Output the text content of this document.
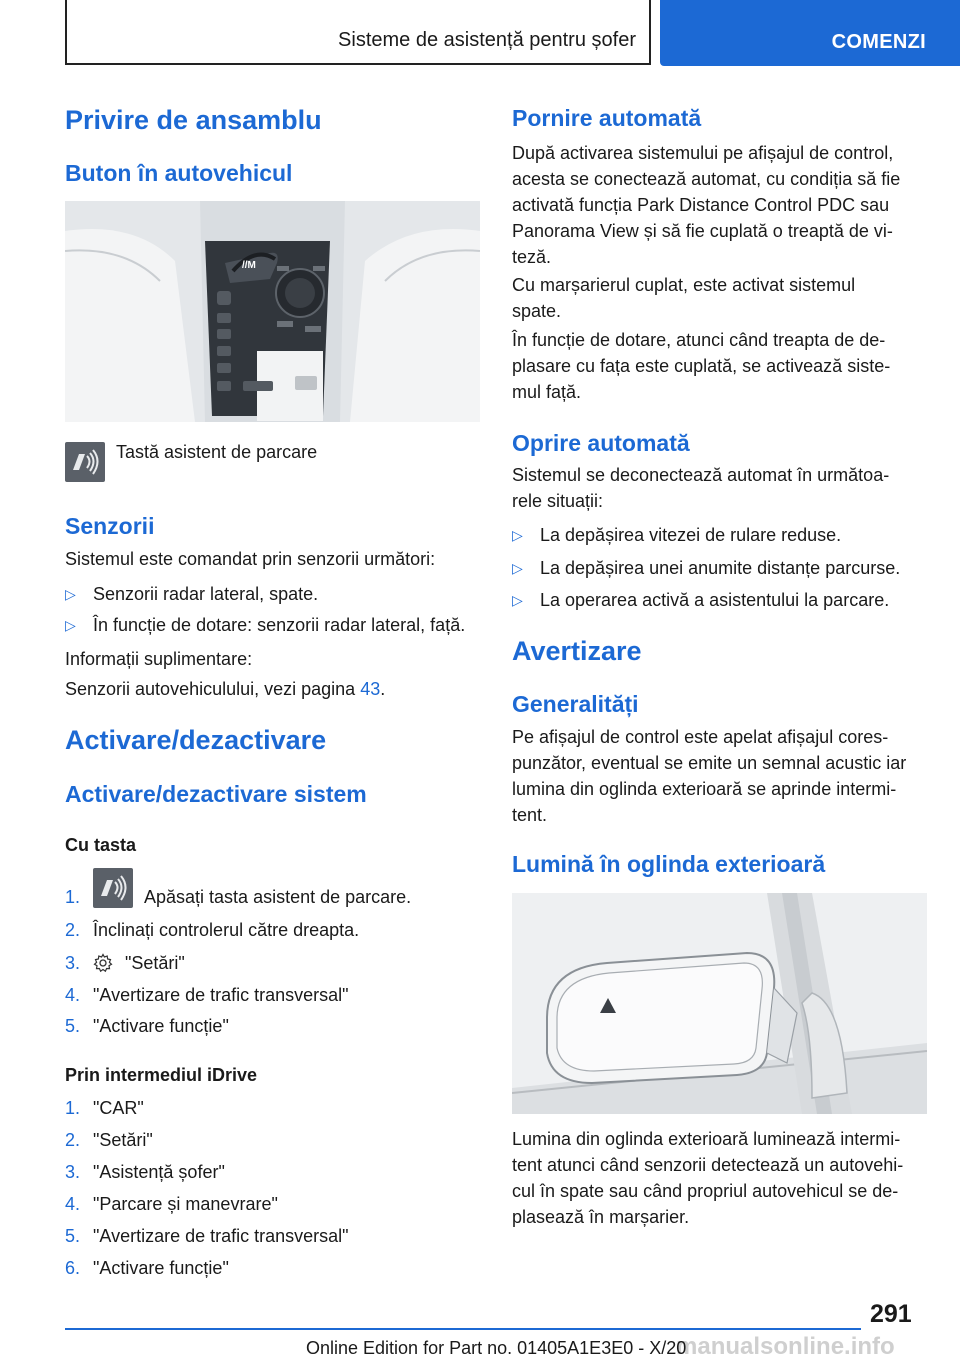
Sisteme de asistență pentru șofer	COMENZI
Privire de ansamblu
Buton în autovehicul
//M
Tastă asistent de parcare
Senzorii
Sistemul este comandat prin senzorii următori:
▷ Senzorii radar lateral, spate.
▷ În funcție de dotare: senzorii radar lateral, față.
Informații suplimentare:
Senzorii autovehiculului, vezi pagina 43.
Activare/dezactivare
Activare/dezactivare sistem
Cu tasta
1.	Apăsați tasta asistent de parcare.
2. Înclinați controlerul către dreapta.
3. "Setări"
4. "Avertizare de trafic transversal"
5. "Activare funcție"
Prin intermediul iDrive
1. "CAR"
2. "Setări"
3. "Asistență șofer"
4. "Parcare și manevrare"
5. "Avertizare de trafic transversal"
6. "Activare funcție"
Pornire automată
După activarea sistemului pe afișajul de control,
acesta se conectează automat, cu condiția să fie
activată funcția Park Distance Control PDC sau
Panorama View și să fie cuplată o treaptă de vi-
teză.
Cu marșarierul cuplat, este activat sistemul
spate.
În funcție de dotare, atunci când treapta de de-
plasare cu fața este cuplată, se activează siste-
mul față.
Oprire automată
Sistemul se deconectează automat în următoa-
rele situații:
▷ La depășirea vitezei de rulare reduse.
▷ La depășirea unei anumite distanțe parcurse.
▷ La operarea activă a asistentului la parcare.
Avertizare
Generalități
Pe afișajul de control este apelat afișajul cores-
punzător, eventual se emite un semnal acustic iar
lumina din oglinda exterioară se aprinde intermi-
tent.
Lumină în oglinda exterioară
Lumina din oglinda exterioară luminează intermi-
tent atunci când senzorii detectează un autovehi-
cul în spate sau când propriul autovehicul se de-
plasează în marșarier.
291
manualsonline.info
Online Edition for Part no. 01405A1E3E0 - X/20
